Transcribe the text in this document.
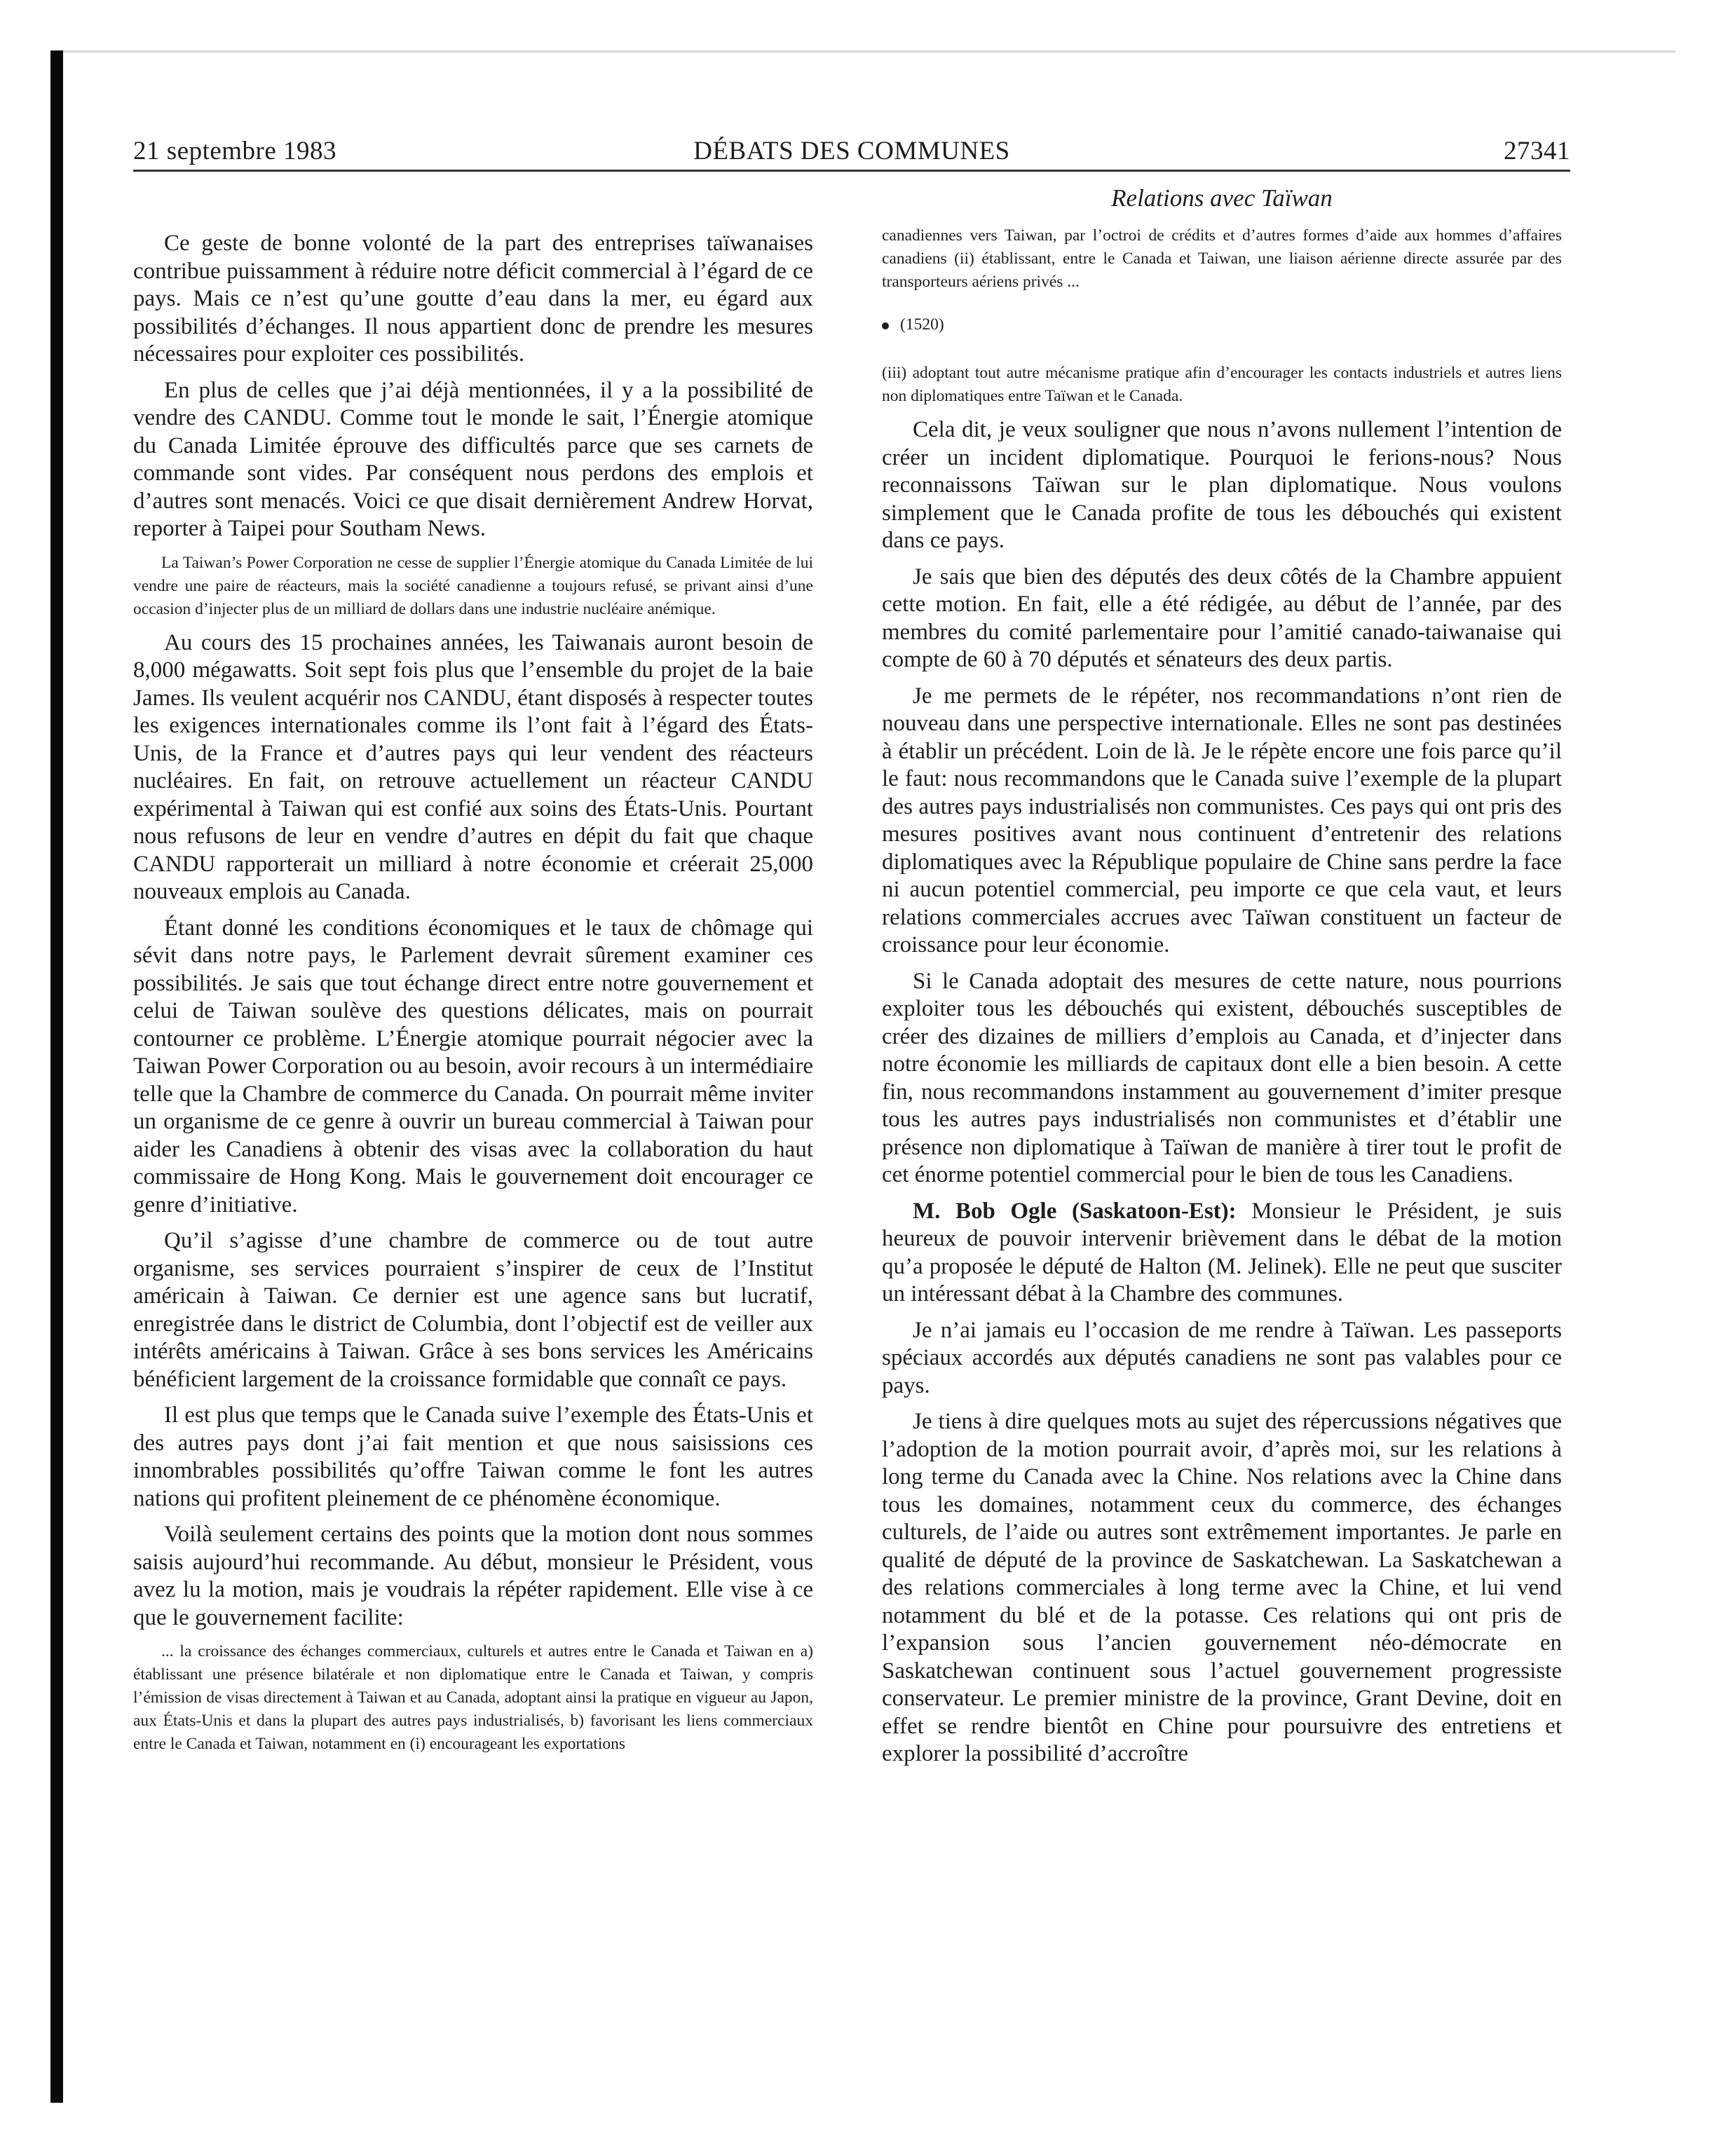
21 septembre 1983	DÉBATS DES COMMUNES	27341

Ce geste de bonne volonté de la part des entreprises taïwanaises contribue puissamment à réduire notre déficit commercial à l’égard de ce pays. Mais ce n’est qu’une goutte d’eau dans la mer, eu égard aux possibilités d’échanges. Il nous appartient donc de prendre les mesures nécessaires pour exploiter ces possibilités.

En plus de celles que j’ai déjà mentionnées, il y a la possibilité de vendre des CANDU. Comme tout le monde le sait, l’Énergie atomique du Canada Limitée éprouve des difficultés parce que ses carnets de commande sont vides. Par conséquent nous perdons des emplois et d’autres sont menacés. Voici ce que disait dernièrement Andrew Horvat, reporter à Taipei pour Southam News.

La Taiwan’s Power Corporation ne cesse de supplier l’Énergie atomique du Canada Limitée de lui vendre une paire de réacteurs, mais la société canadienne a toujours refusé, se privant ainsi d’une occasion d’injecter plus de un milliard de dollars dans une industrie nucléaire anémique.

Au cours des 15 prochaines années, les Taiwanais auront besoin de 8,000 mégawatts. Soit sept fois plus que l’ensemble du projet de la baie James. Ils veulent acquérir nos CANDU, étant disposés à respecter toutes les exigences internationales comme ils l’ont fait à l’égard des États-Unis, de la France et d’autres pays qui leur vendent des réacteurs nucléaires. En fait, on retrouve actuellement un réacteur CANDU expérimental à Taiwan qui est confié aux soins des États-Unis. Pourtant nous refusons de leur en vendre d’autres en dépit du fait que chaque CANDU rapporterait un milliard à notre économie et créerait 25,000 nouveaux emplois au Canada.

Étant donné les conditions économiques et le taux de chômage qui sévit dans notre pays, le Parlement devrait sûrement examiner ces possibilités. Je sais que tout échange direct entre notre gouvernement et celui de Taiwan soulève des questions délicates, mais on pourrait contourner ce problème. L’Énergie atomique pourrait négocier avec la Taiwan Power Corporation ou au besoin, avoir recours à un intermédiaire telle que la Chambre de commerce du Canada. On pourrait même inviter un organisme de ce genre à ouvrir un bureau commercial à Taiwan pour aider les Canadiens à obtenir des visas avec la collaboration du haut commissaire de Hong Kong. Mais le gouvernement doit encourager ce genre d’initiative.

Qu’il s’agisse d’une chambre de commerce ou de tout autre organisme, ses services pourraient s’inspirer de ceux de l’Institut américain à Taiwan. Ce dernier est une agence sans but lucratif, enregistrée dans le district de Columbia, dont l’objectif est de veiller aux intérêts américains à Taiwan. Grâce à ses bons services les Américains bénéficient largement de la croissance formidable que connaît ce pays.

Il est plus que temps que le Canada suive l’exemple des États-Unis et des autres pays dont j’ai fait mention et que nous saisissions ces innombrables possibilités qu’offre Taiwan comme le font les autres nations qui profitent pleinement de ce phénomène économique.

Voilà seulement certains des points que la motion dont nous sommes saisis aujourd’hui recommande. Au début, monsieur le Président, vous avez lu la motion, mais je voudrais la répéter rapidement. Elle vise à ce que le gouvernement facilite:

... la croissance des échanges commerciaux, culturels et autres entre le Canada et Taiwan en a) établissant une présence bilatérale et non diplomatique entre le Canada et Taiwan, y compris l’émission de visas directement à Taiwan et au Canada, adoptant ainsi la pratique en vigueur au Japon, aux États-Unis et dans la plupart des autres pays industrialisés, b) favorisant les liens commerciaux entre le Canada et Taiwan, notamment en (i) encourageant les exportations

Relations avec Taïwan

canadiennes vers Taiwan, par l’octroi de crédits et d’autres formes d’aide aux hommes d’affaires canadiens (ii) établissant, entre le Canada et Taiwan, une liaison aérienne directe assurée par des transporteurs aériens privés ...

(1520)

(iii) adoptant tout autre mécanisme pratique afin d’encourager les contacts industriels et autres liens non diplomatiques entre Taïwan et le Canada.

Cela dit, je veux souligner que nous n’avons nullement l’intention de créer un incident diplomatique. Pourquoi le ferions-nous? Nous reconnaissons Taïwan sur le plan diplomatique. Nous voulons simplement que le Canada profite de tous les débouchés qui existent dans ce pays.

Je sais que bien des députés des deux côtés de la Chambre appuient cette motion. En fait, elle a été rédigée, au début de l’année, par des membres du comité parlementaire pour l’amitié canado-taiwanaise qui compte de 60 à 70 députés et sénateurs des deux partis.

Je me permets de le répéter, nos recommandations n’ont rien de nouveau dans une perspective internationale. Elles ne sont pas destinées à établir un précédent. Loin de là. Je le répète encore une fois parce qu’il le faut: nous recommandons que le Canada suive l’exemple de la plupart des autres pays industrialisés non communistes. Ces pays qui ont pris des mesures positives avant nous continuent d’entretenir des relations diplomatiques avec la République populaire de Chine sans perdre la face ni aucun potentiel commercial, peu importe ce que cela vaut, et leurs relations commerciales accrues avec Taïwan constituent un facteur de croissance pour leur économie.

Si le Canada adoptait des mesures de cette nature, nous pourrions exploiter tous les débouchés qui existent, débouchés susceptibles de créer des dizaines de milliers d’emplois au Canada, et d’injecter dans notre économie les milliards de capitaux dont elle a bien besoin. A cette fin, nous recommandons instamment au gouvernement d’imiter presque tous les autres pays industrialisés non communistes et d’établir une présence non diplomatique à Taïwan de manière à tirer tout le profit de cet énorme potentiel commercial pour le bien de tous les Canadiens.

M. Bob Ogle (Saskatoon-Est): Monsieur le Président, je suis heureux de pouvoir intervenir brièvement dans le débat de la motion qu’a proposée le député de Halton (M. Jelinek). Elle ne peut que susciter un intéressant débat à la Chambre des communes.

Je n’ai jamais eu l’occasion de me rendre à Taïwan. Les passeports spéciaux accordés aux députés canadiens ne sont pas valables pour ce pays.

Je tiens à dire quelques mots au sujet des répercussions négatives que l’adoption de la motion pourrait avoir, d’après moi, sur les relations à long terme du Canada avec la Chine. Nos relations avec la Chine dans tous les domaines, notamment ceux du commerce, des échanges culturels, de l’aide ou autres sont extrêmement importantes. Je parle en qualité de député de la province de Saskatchewan. La Saskatchewan a des relations commerciales à long terme avec la Chine, et lui vend notamment du blé et de la potasse. Ces relations qui ont pris de l’expansion sous l’ancien gouvernement néo-démocrate en Saskatchewan continuent sous l’actuel gouvernement progressiste conservateur. Le premier ministre de la province, Grant Devine, doit en effet se rendre bientôt en Chine pour poursuivre des entretiens et explorer la possibilité d’accroître
